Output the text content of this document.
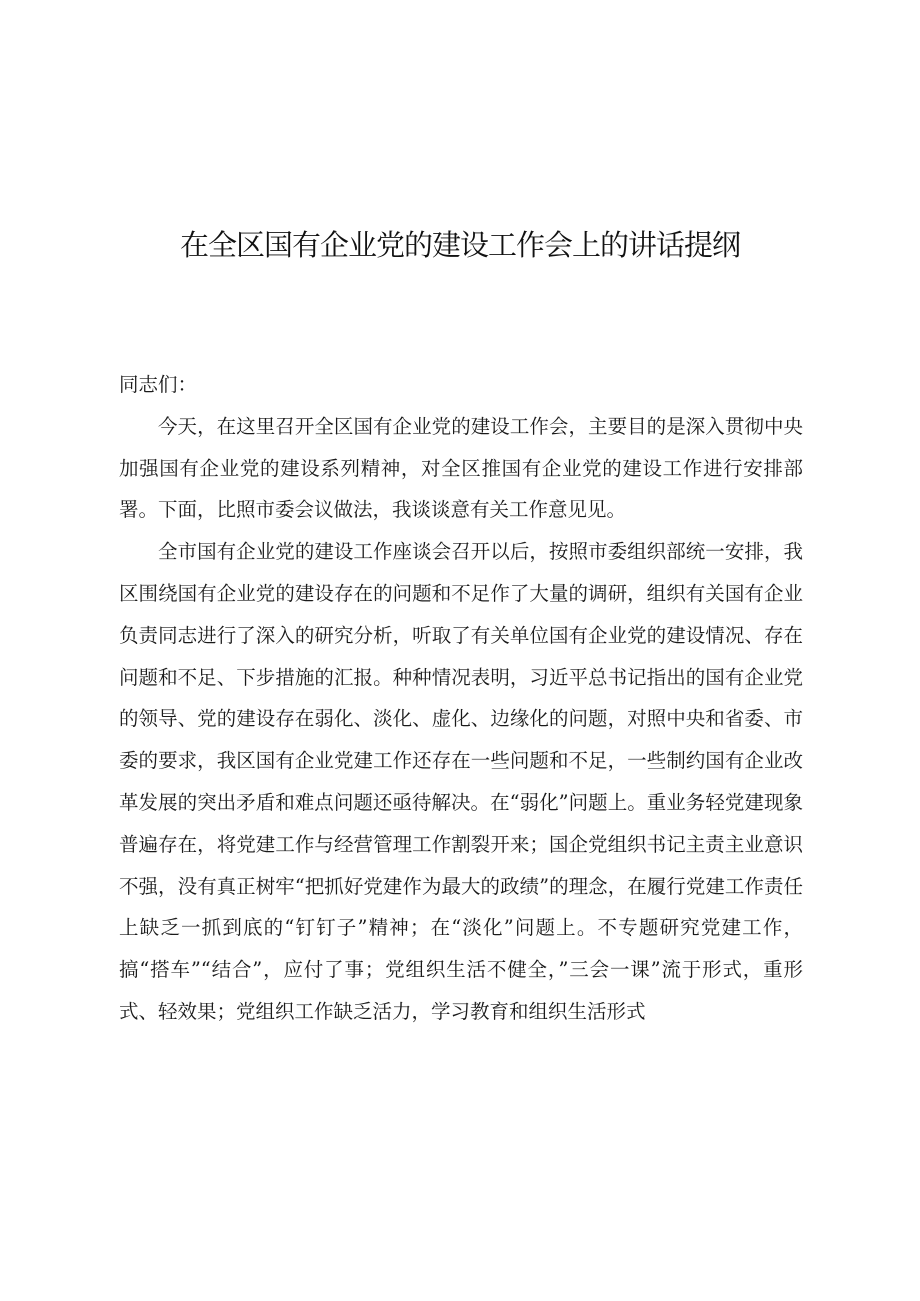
在全区国有企业党的建设工作会上的讲话提纲

同志们：

今天，在这里召开全区国有企业党的建设工作会，主要目的是深入贯彻中央加强国有企业党的建设系列精神，对全区推国有企业党的建设工作进行安排部署。下面，比照市委会议做法，我谈谈意有关工作意见见。

全市国有企业党的建设工作座谈会召开以后，按照市委组织部统一安排，我区围绕国有企业党的建设存在的问题和不足作了大量的调研，组织有关国有企业负责同志进行了深入的研究分析，听取了有关单位国有企业党的建设情况、存在问题和不足、下步措施的汇报。种种情况表明，习近平总书记指出的国有企业党的领导、党的建设存在弱化、淡化、虚化、边缘化的问题，对照中央和省委、市委的要求，我区国有企业党建工作还存在一些问题和不足，一些制约国有企业改革发展的突出矛盾和难点问题还亟待解决。在“弱化”问题上。重业务轻党建现象普遍存在，将党建工作与经营管理工作割裂开来；国企党组织书记主责主业意识不强，没有真正树牢“把抓好党建作为最大的政绩”的理念，在履行党建工作责任上缺乏一抓到底的“钉钉子”精神；在“淡化”问题上。不专题研究党建工作，搞“搭车”“结合”，应付了事；党组织生活不健全，”三会一课”流于形式，重形式、轻效果；党组织工作缺乏活力，学习教育和组织生活形式
